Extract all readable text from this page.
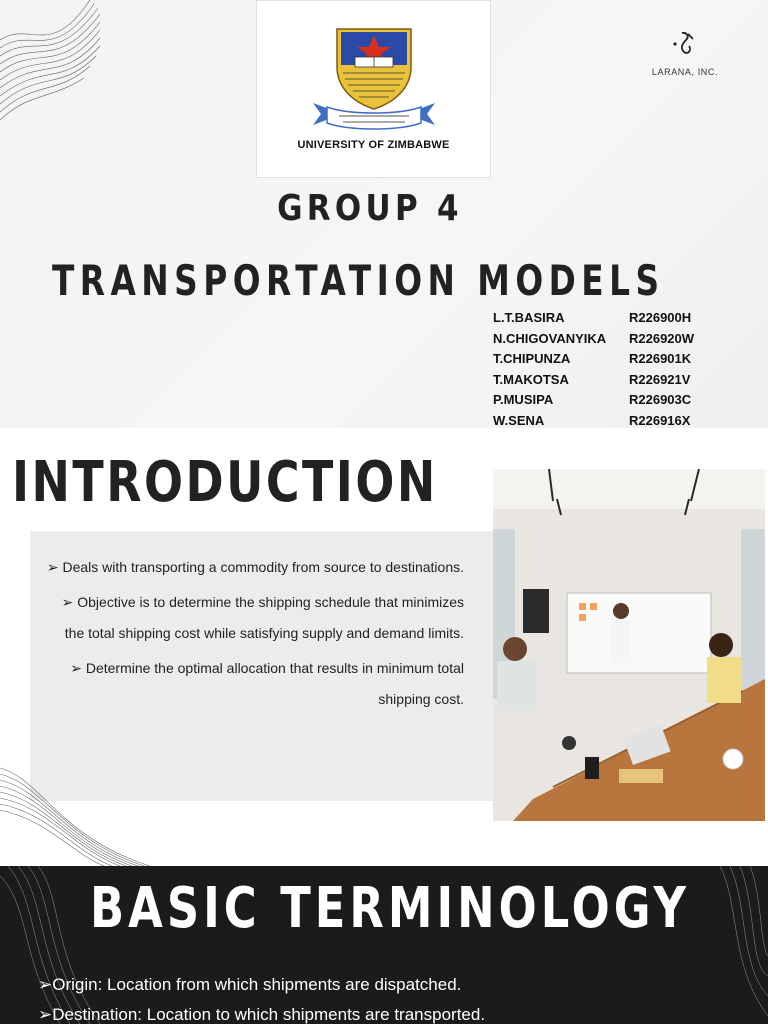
UNIVERSITY OF ZIMBABWE
LARANA, INC.
GROUP 4
TRANSPORTATION MODELS
L.T.BASIRA	R226900H
N.CHIGOVANYIKA R226920W
T.CHIPUNZA	R226901K
T.MAKOTSA	R226921V
P.MUSIPA	R226903C
W.SENA	R226916X
INTRODUCTION

➢ Deals with transporting a commodity from source to destinations.

➢ Objective is to determine the shipping schedule that minimizes the total shipping cost while satisfying supply and demand limits.

➢ Determine the optimal allocation that results in minimum total shipping cost.

BASIC TERMINOLOGY
➢Origin: Location from which shipments are dispatched.
➢Destination: Location to which shipments are transported.
